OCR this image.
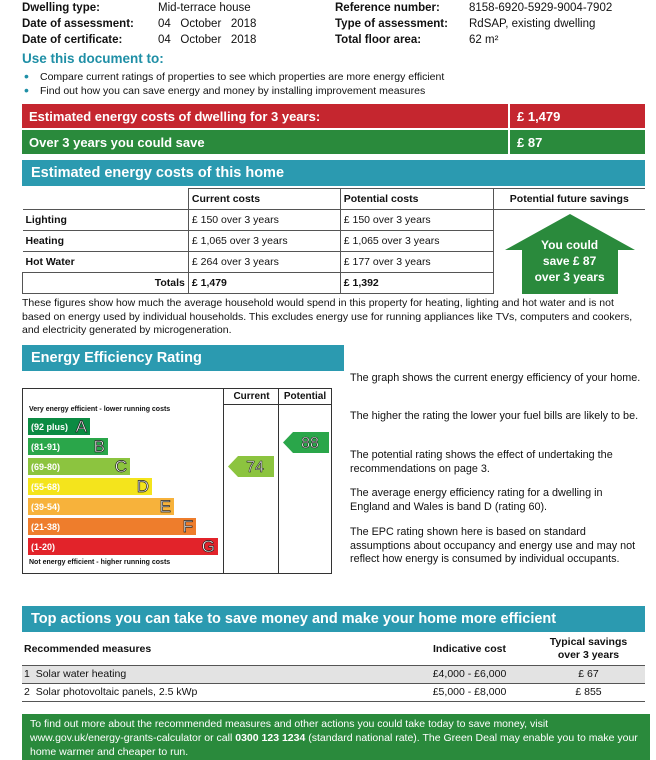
Dwelling type:	Mid-terrace house
Date of assessment: 04   October   2018
Date of certificate:	04   October   2018
Reference number:	8158-6920-5929-9004-7902
Type of assessment: RdSAP, existing dwelling
Total floor area:	62 m²
Use this document to:
• Compare current ratings of properties to see which properties are more energy efficient
• Find out how you can save energy and money by installing improvement measures
Estimated energy costs of dwelling for 3 years:	£ 1,479
Over 3 years you could save	£ 87
Estimated energy costs of this home
	Current costs	Potential costs	Potential future savings
Lighting	£ 150 over 3 years	£ 150 over 3 years	You could
save £ 87
over 3 years

Heating	£ 1,065 over 3 years	£ 1,065 over 3 years	
Hot Water	£ 264 over 3 years	£ 177 over 3 years	
Totals	£ 1,479	£ 1,392	
These figures show how much the average household would spend in this property for heating, lighting and hot water and is not based on energy used by individual households. This excludes energy use for running appliances like TVs, computers and cookers, and electricity generated by microgeneration.
Energy Efficiency Rating
Current	Potential
Very energy efficient - lower running costs
Not energy efficient - higher running costs
(92 plus) A
(81-91) B
(69-80)	C
(55-68)	D
(39-54)	E
(21-38)	F
(1-20)	G
74
88
The graph shows the current energy efficiency of your home.
The higher the rating the lower your fuel bills are likely to be.
The potential rating shows the effect of undertaking the recommendations on page 3.
The average energy efficiency rating for a dwelling in England and Wales is band D (rating 60).
The EPC rating shown here is based on standard assumptions about occupancy and energy use and may not reflect how energy is consumed by individual occupants.
Top actions you can take to save money and make your home more efficient
Recommended measures	Indicative cost	Typical savings
over 3 years

1 Solar water heating	£4,000 - £6,000	£ 67
2 Solar photovoltaic panels, 2.5 kWp	£5,000 - £8,000	£ 855
To find out more about the recommended measures and other actions you could take today to save money, visit www.gov.uk/energy-grants-calculator or call 0300 123 1234 (standard national rate). The Green Deal may enable you to make your home warmer and cheaper to run.
